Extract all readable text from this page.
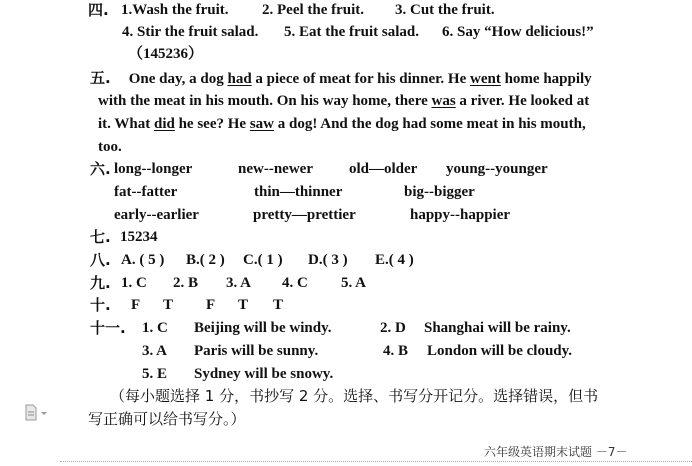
四. 1.Wash the fruit. 2. Peel the fruit. 3. Cut the fruit.
4. Stir the fruit salad. 5. Eat the fruit salad. 6. Say “How delicious!”
（145236）
五. One day, a dog had a piece of meat for his dinner. He went home happily
with the meat in his mouth. On his way home, there was a river. He looked at
it. What did he see? He saw a dog! And the dog had some meat in his mouth,
too.
六. long--longer	new--newer old—older young--younger
fat--fatter	thin—thinner	big--bigger
early--earlier	pretty—prettier	happy--happier
七. 15234
八. A. ( 5 ) B.( 2 ) C.( 1 ) D.( 3 ) E.( 4 )
九. 1. C 2. B 3. A 4. C 5. A
十. F T F T T
十一. 1. C Beijing will be windy.	2. D Shanghai will be rainy.
3. A Paris will be sunny.	4. B London will be cloudy.
5. E Sydney will be snowy.
（每小题选择 1 分，书抄写 2 分。选择、书写分开记分。选择错误，但书
写正确可以给书写分。）
六年级英语期末试题 －7－
